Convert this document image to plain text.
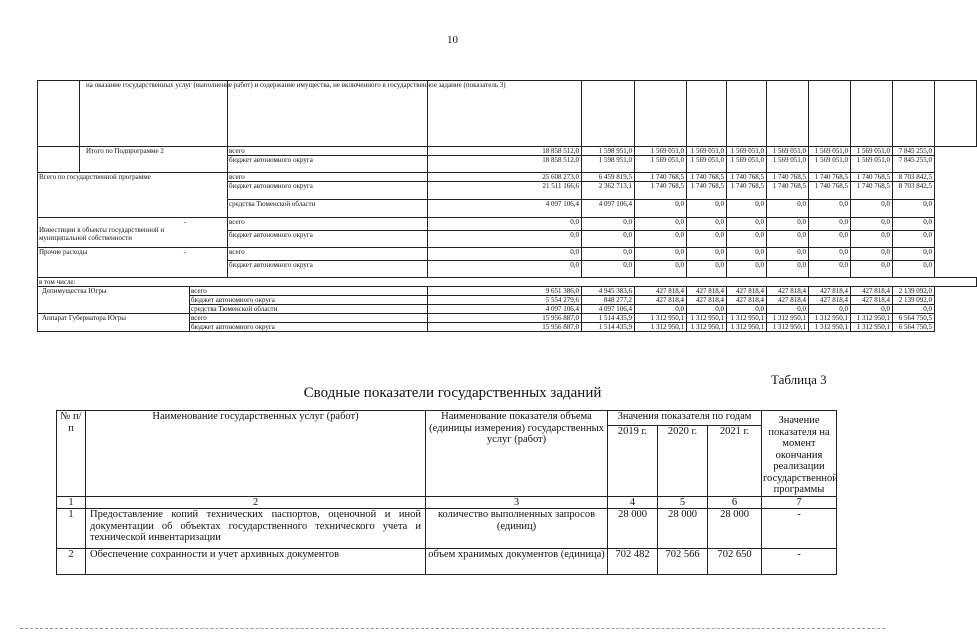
10
	на оказание государственных услуг (выполнение работ) и содержание имущества, не включенного в государственное задание (показатель 3)												
	Итого по Подпрограмме 2		всего	18 858 512,0	1 598 951,0	1 569 051,0	1 569 051,0	1 569 051,0	1 569 051,0	1 569 051,0	1 569 051,0	7 845 255,0	
			бюджет автономного округа	18 858 512,0	1 598 951,0	1 569 051,0	1 569 051,0	1 569 051,0	1 569 051,0	1 569 051,0	1 569 051,0	7 845 255,0	
Всего по государственной программе			всего	25 608 273,0	6 459 819,5	1 740 768,5	1 740 768,5	1 740 768,5	1 740 768,5	1 740 768,5	1 740 768,5	8 703 842,5	
			бюджет автономного округа	21 511 166,6	2 362 713,1	1 740 768,5	1 740 768,5	1 740 768,5	1 740 768,5	1 740 768,5	1 740 768,5	8 703 842,5	
			средства Тюменской области	4 097 106,4	4 097 106,4	0,0	0,0	0,0	0,0	0,0	0,0	0,0	

-
Инвестиции в объекты государственной и муниципальной собственности			всего	0,0	0,0	0,0	0,0	0,0	0,0	0,0	0,0	0,0	
			бюджет автономного округа	0,0	0,0	0,0	0,0	0,0	0,0	0,0	0,0	0,0	

-
Прочие расходы			всего	0,0	0,0	0,0	0,0	0,0	0,0	0,0	0,0	0,0	
			бюджет автономного округа	0,0	0,0	0,0	0,0	0,0	0,0	0,0	0,0	0,0	
в том числе:													
Депимущества Югры		всего		9 651 386,0	4 945 383,6	427 818,4	427 818,4	427 818,4	427 818,4	427 818,4	427 818,4	2 139 092,0	
		бюджет автономного округа		5 554 279,6	848 277,2	427 818,4	427 818,4	427 818,4	427 818,4	427 818,4	427 818,4	2 139 092,0	
		средства Тюменской области		4 097 106,4	4 097 106,4	0,0	0,0	0,0	0,0	0,0	0,0	0,0	
Аппарат Губернатора Югры		всего		15 956 887,0	1 514 435,9	1 312 950,1	1 312 950,1	1 312 950,1	1 312 950,1	1 312 950,1	1 312 950,1	6 564 750,5	
		бюджет автономного округа		15 956 887,0	1 514 435,9	1 312 950,1	1 312 950,1	1 312 950,1	1 312 950,1	1 312 950,1	1 312 950,1	6 564 750,5	
Таблица 3
Сводные показатели государственных заданий
№ п/п	Наименование государственных услуг (работ)	Наименование показателя объема (единицы измерения) государственных услуг (работ)	Значения показателя по годам			Значение показателя на момент окончания реализации государственной программы
			2019 г.	2020 г.	2021 г.	
1	2	3	4	5	6	7
1	Предоставление копий технических паспортов, оценочной и иной документации об объектах государственного технического учета и технической инвентаризации	количество выполненных запросов (единиц)	28 000	28 000	28 000	-
2	Обеспечение сохранности и учет архивных документов	объем хранимых документов (единица)	702 482	702 566	702 650	-
